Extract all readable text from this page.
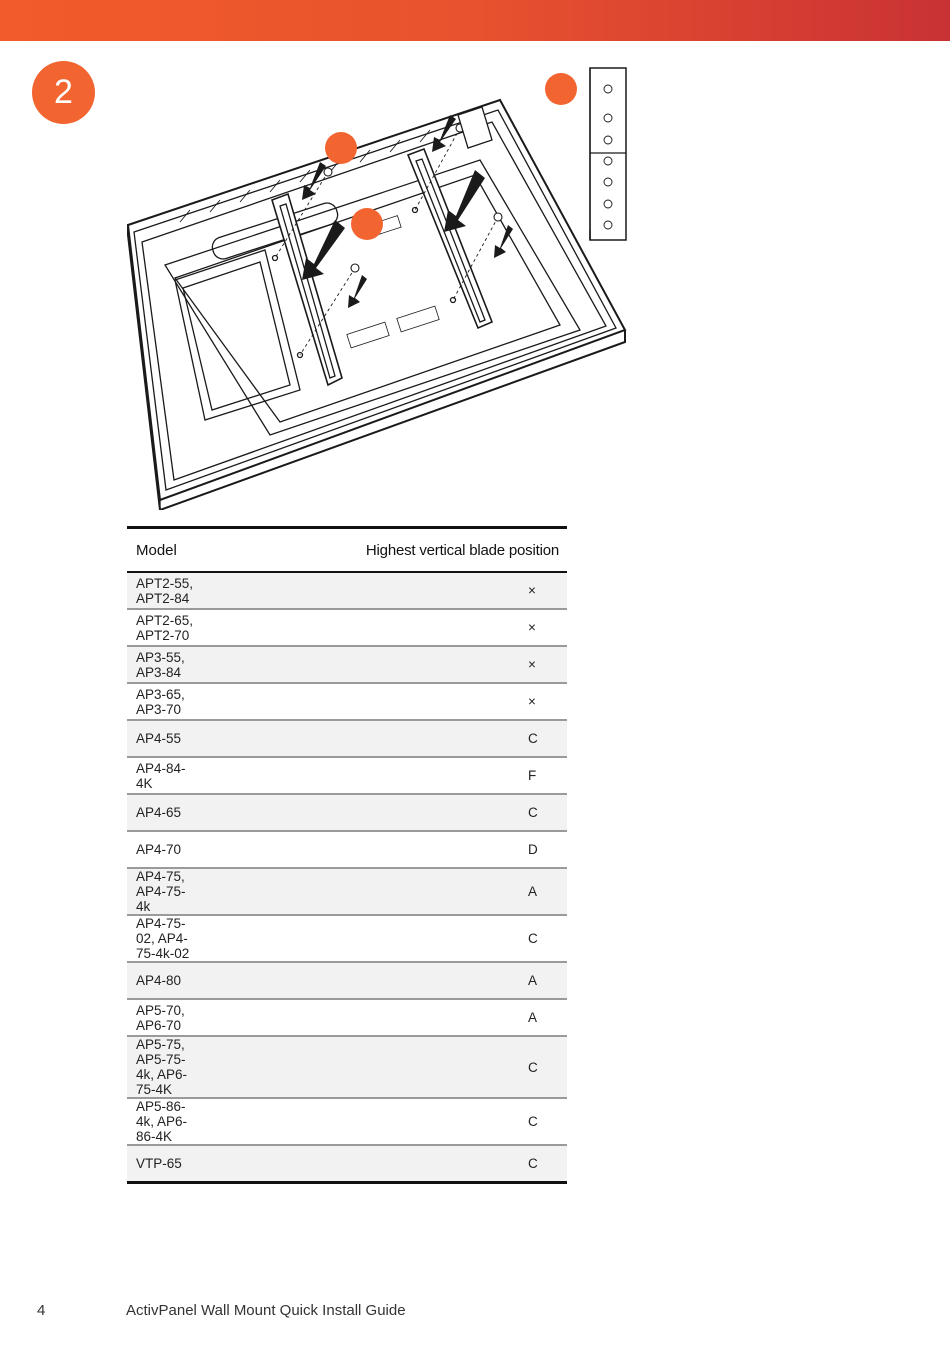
2
Model	Highest vertical blade position
APT2-55, APT2-84	×
APT2-65, APT2-70	×
AP3-55, AP3-84	×
AP3-65, AP3-70	×
AP4-55	C
AP4-84-4K	F
AP4-65	C
AP4-70	D
AP4-75, AP4-75-4k	A
AP4-75-02, AP4-75-4k-02	C
AP4-80	A
AP5-70, AP6-70	A
AP5-75, AP5-75-4k, AP6-75-4K	C
AP5-86-4k, AP6-86-4K	C
VTP-65	C
4	ActivPanel Wall Mount Quick Install Guide
